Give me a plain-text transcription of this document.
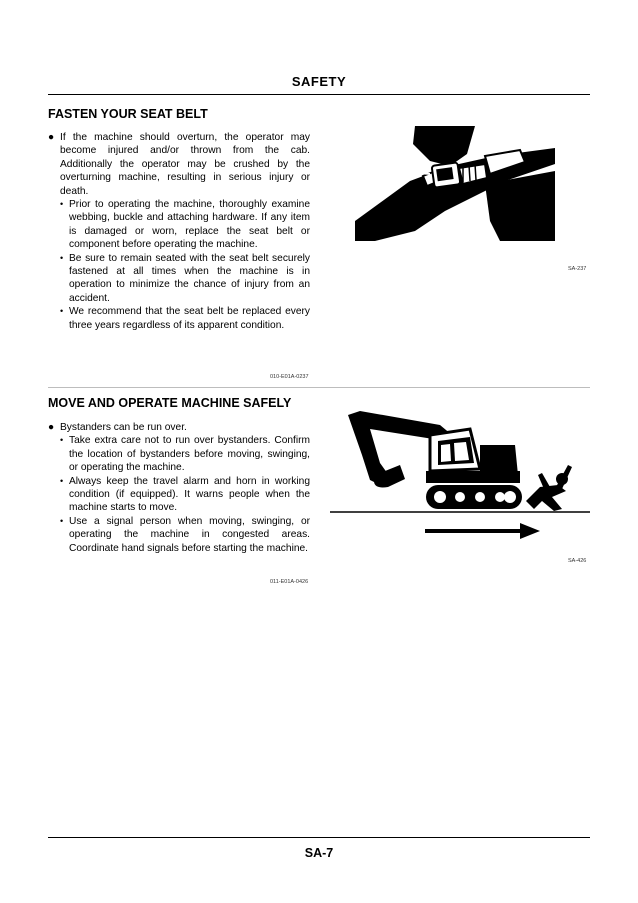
SAFETY
FASTEN YOUR SEAT BELT
● If the machine should overturn, the operator may become injured and/or thrown from the cab. Additionally the operator may be crushed by the overturning machine, resulting in serious injury or death.
• Prior to operating the machine, thoroughly examine webbing, buckle and attaching hardware. If any item is damaged or worn, replace the seat belt or component before operating the machine.
• Be sure to remain seated with the seat belt securely fastened at all times when the machine is in operation to minimize the chance of injury from an accident.
• We recommend that the seat belt be replaced every three years regardless of its apparent condition.
010-E01A-0237
SA-237
MOVE AND OPERATE MACHINE SAFELY
● Bystanders can be run over.
• Take extra care not to run over bystanders. Confirm the location of bystanders before moving, swinging, or operating the machine.
• Always keep the travel alarm and horn in working condition (if equipped). It warns people when the machine starts to move.
• Use a signal person when moving, swinging, or operating the machine in congested areas. Coordinate hand signals before starting the machine.
011-E01A-0426
SA-426
SA-7
